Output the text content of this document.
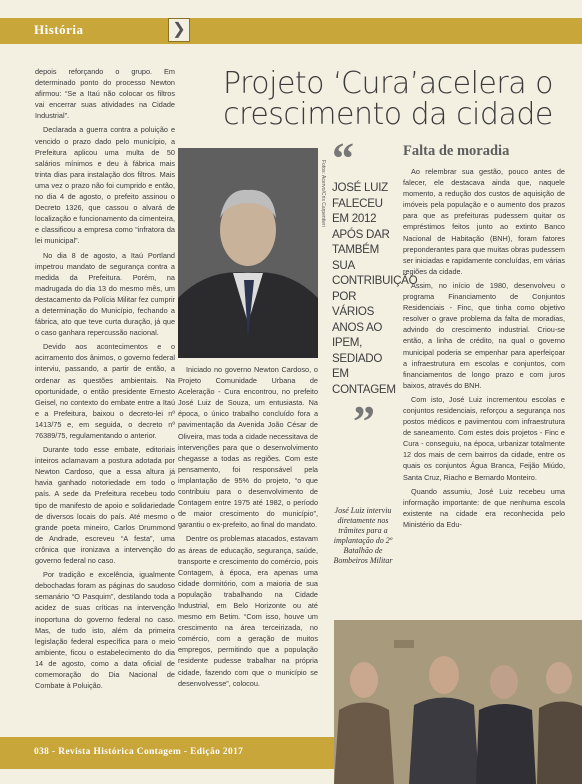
História	❯

depois reforçando o grupo. Em determinado ponto do processo Newton afirmou: “Se a Itaú não colocar os filtros vai encerrar suas atividades na Cidade Industrial”.

Declarada a guerra contra a poluição e vencido o prazo dado pelo município, a Prefeitura aplicou uma multa de 50 salários mínimos e deu à fábrica mais trinta dias para instalação dos filtros. Mais uma vez o prazo não foi cumprido e então, no dia 4 de agosto, o prefeito assinou o Decreto 1326, que cassou o alvará de localização e funcionamento da cimenteira, e classificou a empresa como “infratora da lei municipal”.

No dia 8 de agosto, a Itaú Portland impetrou mandato de segurança contra a medida da Prefeitura. Porém, na madrugada do dia 13 do mesmo mês, um destacamento da Polícia Militar fez cumprir a determinação do Município, fechando a fábrica, ato que teve curta duração, já que o caso ganhara repercussão nacional.

Devido aos acontecimentos e o acirramento dos ânimos, o governo federal interviu, passando, a partir de então, a ordenar as questões ambientais. Na oportunidade, o então presidente Ernesto Geisel, no contexto do embate entre a Itaú e a Prefeitura, baixou o decreto-lei nº 1413/75 e, em seguida, o decreto nº 76389/75, regulamentando o anterior.

Durante todo esse embate, editoriais inteiros aclamavam a postura adotada por Newton Cardoso, que a essa altura já havia ganhado notoriedade em todo o país. A sede da Prefeitura recebeu todo tipo de manifesto de apoio e solidariedade de diversos locais do país. Até mesmo o grande poeta mineiro, Carlos Drummond de Andrade, escreveu “A festa”, uma crônica que ironizava a intervenção do governo federal no caso.

Por tradição e excelência, igualmente debochadas foram as páginas do saudoso semanário “O Pasquim”, destilando toda a acidez de suas críticas na intervenção inoportuna do governo federal no caso. Mas, de tudo isto, além da primeira legislação federal específica para o meio ambiente, ficou o estabelecimento do dia 14 de agosto, como a data oficial de comemoração do Dia Nacional de Combate à Poluição.

Projeto ‘Cura’acelera o crescimento da cidade
Fotos: Acervo/Cris Carpentieri
“
JOSÉ LUIZ FALECEU EM 2012 APÓS DAR TAMBÉM SUA CONTRIBUIÇÃO POR VÁRIOS ANOS AO IPEM, SEDIADO EM CONTAGEM
”

Iniciado no governo Newton Cardoso, o Projeto Comunidade Urbana de Aceleração - Cura encontrou, no prefeito José Luiz de Souza, um entusiasta. Na época, o único trabalho concluído fora a pavimentação da Avenida João César de Oliveira, mas toda a cidade necessitava de intervenções para que o desenvolvimento chegasse a todas as regiões. Com este pensamento, foi responsável pela implantação de 95% do projeto, “o que contribuiu para o desenvolvimento de Contagem entre 1975 até 1982, o período de maior crescimento do município”, garantiu o ex-prefeito, ao final do mandato.

Dentre os problemas atacados, estavam as áreas de educação, segurança, saúde, transporte e crescimento do comércio, pois Contagem, à época, era apenas uma cidade dormitório, com a maioria de sua população trabalhando na Cidade Industrial, em Belo Horizonte ou até mesmo em Betim. “Com isso, houve um crescimento na área terceirizada, no comércio, com a geração de muitos empregos, permitindo que a população residente pudesse trabalhar na própria cidade, fazendo com que o município se desenvolvesse”, colocou.

José Luiz interviu diretamente nos trâmites para a implantação do 2º Batalhão de Bombeiros Militar
Falta de moradia

Ao relembrar sua gestão, pouco antes de falecer, ele destacava ainda que, naquele momento, a redução dos custos de aquisição de imóveis pela população e o aumento dos prazos para que as prefeituras pudessem quitar os empréstimos feitos junto ao extinto Banco Nacional de Habitação (BNH), foram fatores preponderantes para que muitas obras pudessem ser iniciadas e rapidamente concluídas, em várias regiões da cidade.

Assim, no início de 1980, desenvolveu o programa Financiamento de Conjuntos Residenciais - Finc, que tinha como objetivo resolver o grave problema da falta de moradias, advindo do crescimento industrial. Criou-se então, a linha de crédito, na qual o governo municipal poderia se empenhar para aperfeiçoar a infraestrutura em escolas e conjuntos, com financiamentos de longo prazo e com juros baixos, através do BNH.

Com isto, José Luiz incrementou escolas e conjuntos residenciais, reforçou a segurança nos postos médicos e pavimentou com infraestrutura de saneamento. Com estes dois projetos - Finc e Cura - conseguiu, na época, urbanizar totalmente 12 dos mais de cem bairros da cidade, entre os quais os conjuntos Água Branca, Feijão Miúdo, Santa Cruz, Riacho e Bernardo Monteiro.

Quando assumiu, José Luiz recebeu uma informação importante: de que nenhuma escola existente na cidade era reconhecida pelo Ministério da Edu-

038 - Revista Histórica Contagem - Edição 2017
